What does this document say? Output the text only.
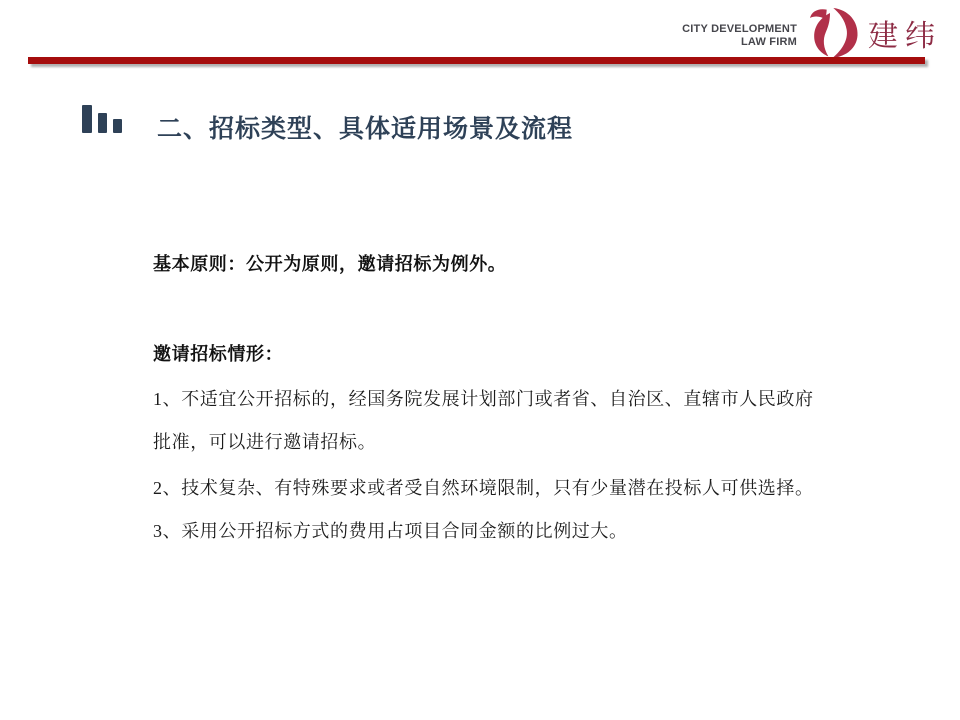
CITY DEVELOPMENT
LAW FIRM 建纬
二、招标类型、具体适用场景及流程
基本原则：公开为原则，邀请招标为例外。
邀请招标情形：
1、不适宜公开招标的，经国务院发展计划部门或者省、自治区、直辖市人民政府
批准，可以进行邀请招标。
2、技术复杂、有特殊要求或者受自然环境限制，只有少量潜在投标人可供选择。
3、采用公开招标方式的费用占项目合同金额的比例过大。
